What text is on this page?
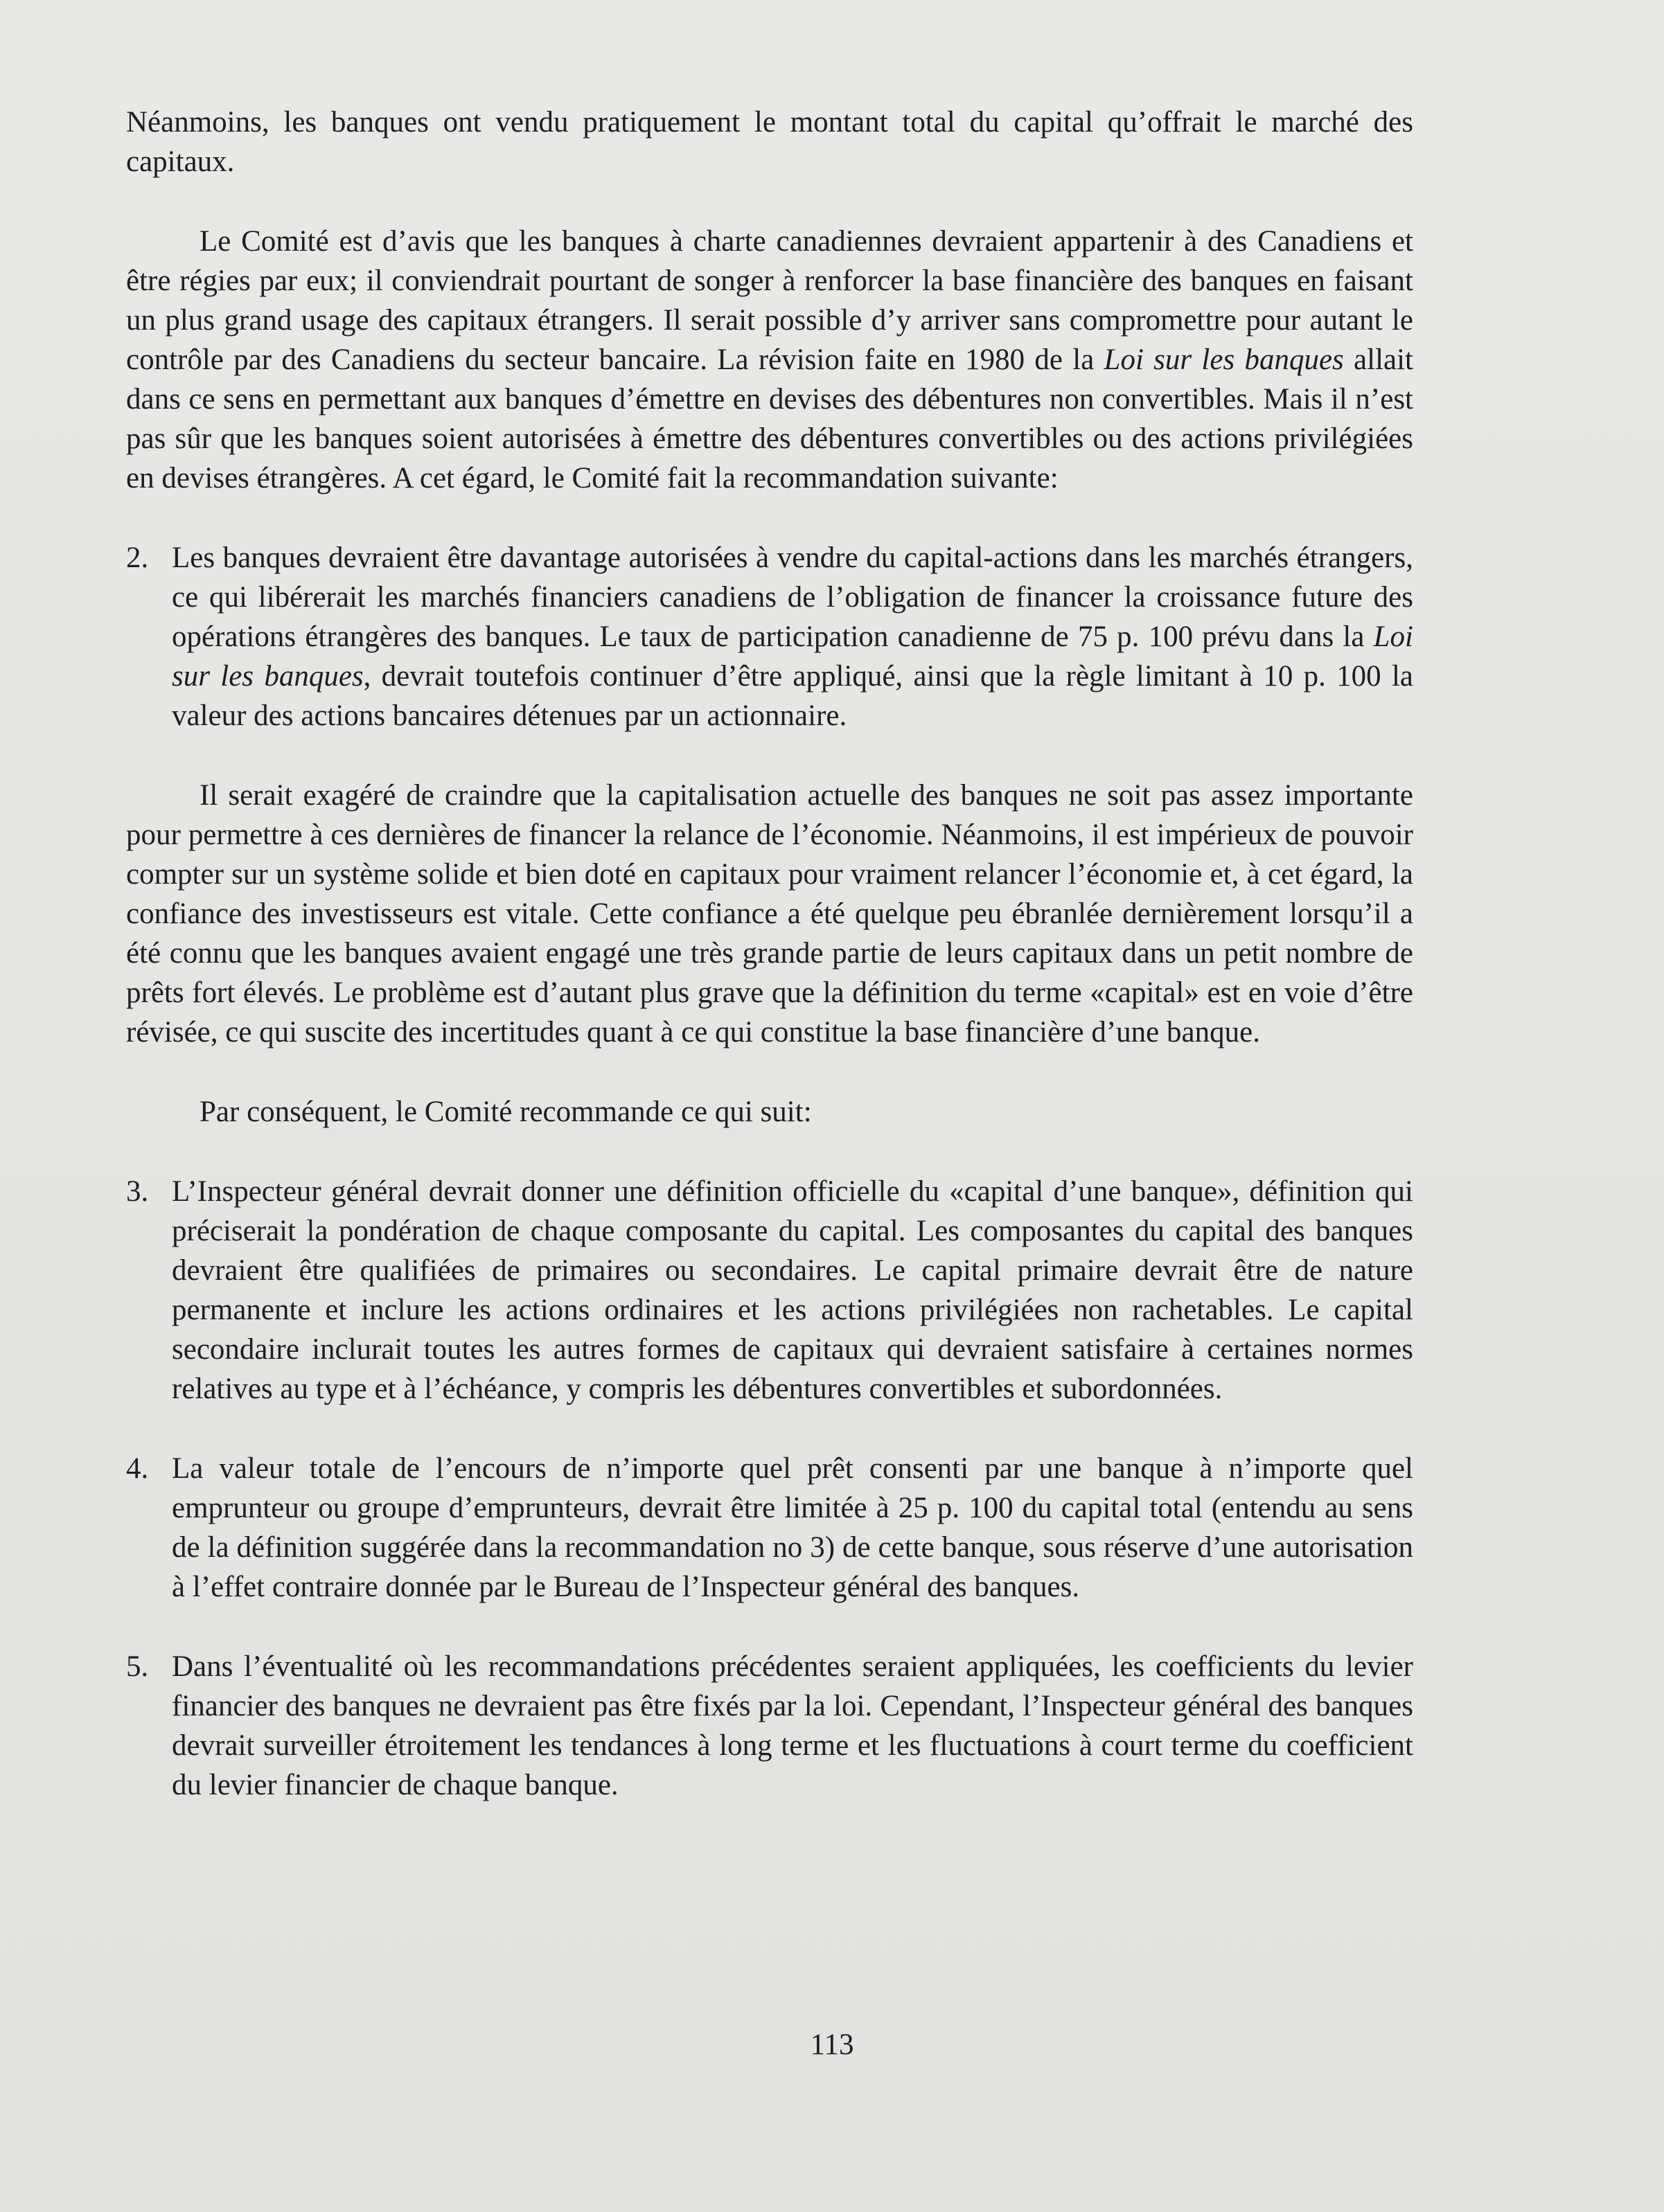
Néanmoins, les banques ont vendu pratiquement le montant total du capital qu’offrait le marché des capitaux.

Le Comité est d’avis que les banques à charte canadiennes devraient appartenir à des Canadiens et être régies par eux; il conviendrait pourtant de songer à renforcer la base financière des banques en faisant un plus grand usage des capitaux étrangers. Il serait possible d’y arriver sans compromettre pour autant le contrôle par des Canadiens du secteur bancaire. La révision faite en 1980 de la Loi sur les banques allait dans ce sens en permettant aux banques d’émettre en devises des débentures non convertibles. Mais il n’est pas sûr que les banques soient autorisées à émettre des débentures convertibles ou des actions privilégiées en devises étrangères. A cet égard, le Comité fait la recommandation suivante:

2. Les banques devraient être davantage autorisées à vendre du capital-actions dans les marchés étrangers, ce qui libérerait les marchés financiers canadiens de l’obligation de financer la croissance future des opérations étrangères des banques. Le taux de participation canadienne de 75 p. 100 prévu dans la Loi sur les banques, devrait toutefois continuer d’être appliqué, ainsi que la règle limitant à 10 p. 100 la valeur des actions bancaires détenues par un actionnaire.

Il serait exagéré de craindre que la capitalisation actuelle des banques ne soit pas assez importante pour permettre à ces dernières de financer la relance de l’économie. Néanmoins, il est impérieux de pouvoir compter sur un système solide et bien doté en capitaux pour vraiment relancer l’économie et, à cet égard, la confiance des investisseurs est vitale. Cette confiance a été quelque peu ébranlée dernièrement lorsqu’il a été connu que les banques avaient engagé une très grande partie de leurs capitaux dans un petit nombre de prêts fort élevés. Le problème est d’autant plus grave que la définition du terme «capital» est en voie d’être révisée, ce qui suscite des incertitudes quant à ce qui constitue la base financière d’une banque.

Par conséquent, le Comité recommande ce qui suit:

3. L’Inspecteur général devrait donner une définition officielle du «capital d’une banque», définition qui préciserait la pondération de chaque composante du capital. Les composantes du capital des banques devraient être qualifiées de primaires ou secondaires. Le capital primaire devrait être de nature permanente et inclure les actions ordinaires et les actions privilégiées non rachetables. Le capital secondaire inclurait toutes les autres formes de capitaux qui devraient satisfaire à certaines normes relatives au type et à l’échéance, y compris les débentures convertibles et subordonnées.
4. La valeur totale de l’encours de n’importe quel prêt consenti par une banque à n’importe quel emprunteur ou groupe d’emprunteurs, devrait être limitée à 25 p. 100 du capital total (entendu au sens de la définition suggérée dans la recommandation no 3) de cette banque, sous réserve d’une autorisation à l’effet contraire donnée par le Bureau de l’Inspecteur général des banques.
5. Dans l’éventualité où les recommandations précédentes seraient appliquées, les coefficients du levier financier des banques ne devraient pas être fixés par la loi. Cependant, l’Inspecteur général des banques devrait surveiller étroitement les tendances à long terme et les fluctuations à court terme du coefficient du levier financier de chaque banque.
113
